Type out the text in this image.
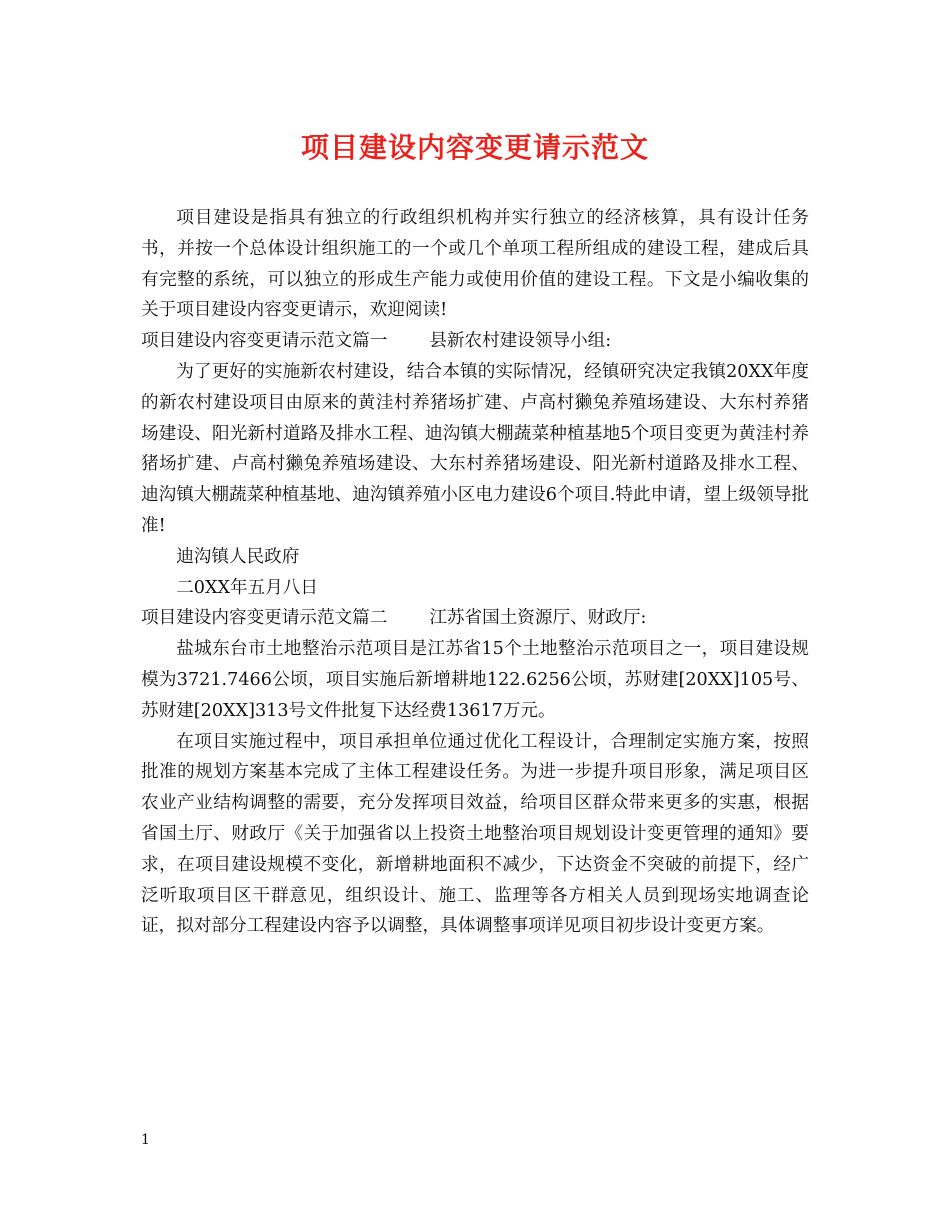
项目建设内容变更请示范文

项目建设是指具有独立的行政组织机构并实行独立的经济核算，具有设计任务书，并按一个总体设计组织施工的一个或几个单项工程所组成的建设工程，建成后具有完整的系统，可以独立的形成生产能力或使用价值的建设工程。下文是小编收集的关于项目建设内容变更请示，欢迎阅读!

项目建设内容变更请示范文篇一 县新农村建设领导小组:

为了更好的实施新农村建设，结合本镇的实际情况，经镇研究决定我镇20XX年度的新农村建设项目由原来的黄洼村养猪场扩建、卢高村獭兔养殖场建设、大东村养猪场建设、阳光新村道路及排水工程、迪沟镇大棚蔬菜种植基地5个项目变更为黄洼村养猪场扩建、卢高村獭兔养殖场建设、大东村养猪场建设、阳光新村道路及排水工程、迪沟镇大棚蔬菜种植基地、迪沟镇养殖小区电力建设6个项目.特此申请，望上级领导批准!

迪沟镇人民政府

二0XX年五月八日

项目建设内容变更请示范文篇二 江苏省国土资源厅、财政厅:

盐城东台市土地整治示范项目是江苏省15个土地整治示范项目之一，项目建设规模为3721.7466公顷，项目实施后新增耕地122.6256公顷，苏财建[20XX]105号、苏财建[20XX]313号文件批复下达经费13617万元。

在项目实施过程中，项目承担单位通过优化工程设计，合理制定实施方案，按照批准的规划方案基本完成了主体工程建设任务。为进一步提升项目形象，满足项目区农业产业结构调整的需要，充分发挥项目效益，给项目区群众带来更多的实惠，根据省国土厅、财政厅《关于加强省以上投资土地整治项目规划设计变更管理的通知》要求，在项目建设规模不变化，新增耕地面积不减少，下达资金不突破的前提下，经广泛听取项目区干群意见，组织设计、施工、监理等各方相关人员到现场实地调查论证，拟对部分工程建设内容予以调整，具体调整事项详见项目初步设计变更方案。

1
